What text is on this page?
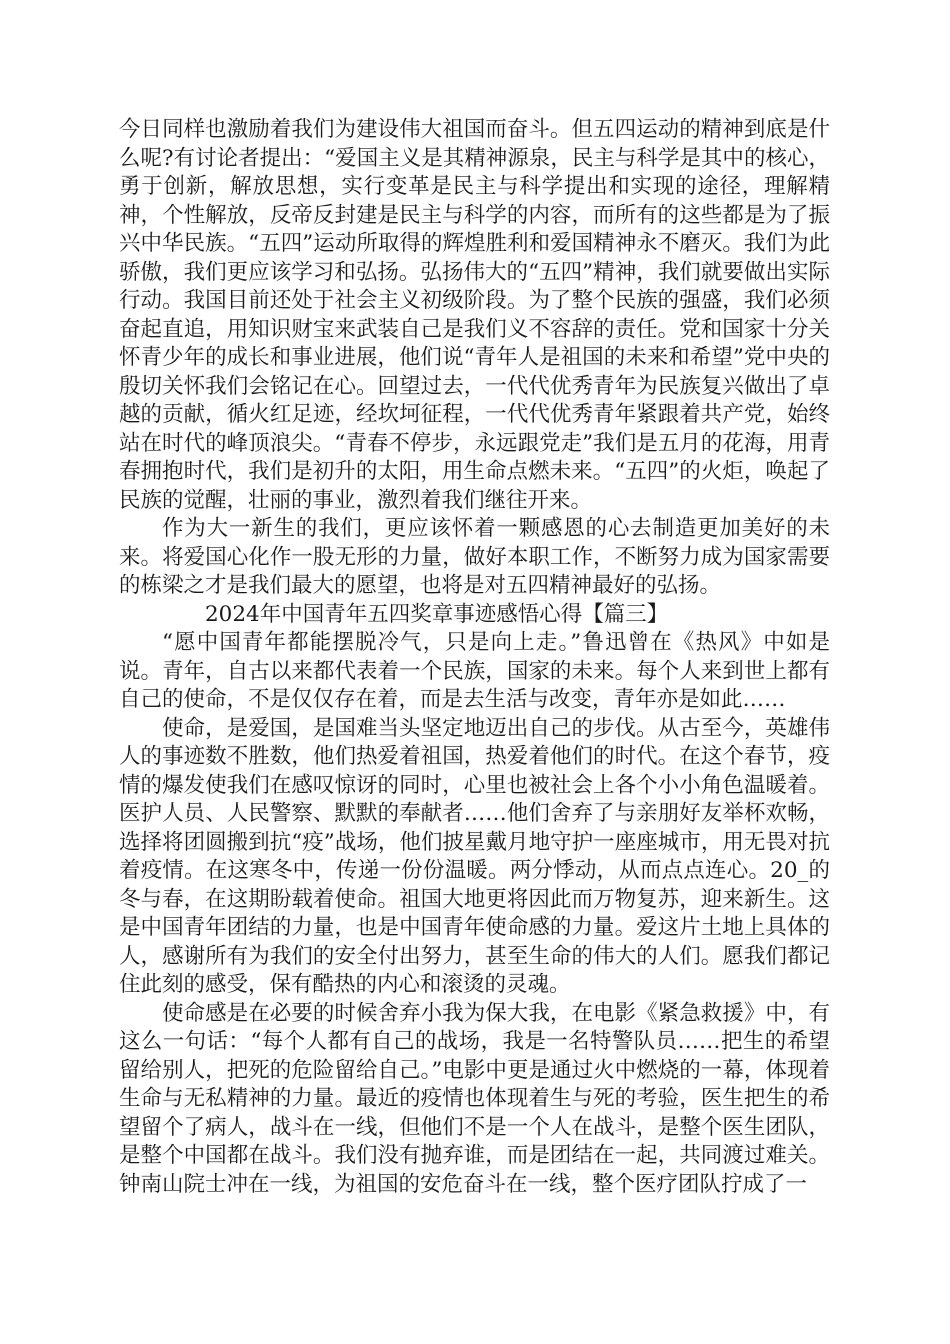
今日同样也激励着我们为建设伟大祖国而奋斗。但五四运动的精神到底是什么呢?有讨论者提出：“爱国主义是其精神源泉，民主与科学是其中的核心，勇于创新，解放思想，实行变革是民主与科学提出和实现的途径，理解精神，个性解放，反帝反封建是民主与科学的内容，而所有的这些都是为了振兴中华民族。“五四”运动所取得的辉煌胜利和爱国精神永不磨灭。我们为此骄傲，我们更应该学习和弘扬。弘扬伟大的“五四”精神，我们就要做出实际行动。我国目前还处于社会主义初级阶段。为了整个民族的强盛，我们必须奋起直追，用知识财宝来武装自己是我们义不容辞的责任。党和国家十分关怀青少年的成长和事业进展，他们说“青年人是祖国的未来和希望”党中央的殷切关怀我们会铭记在心。回望过去，一代代优秀青年为民族复兴做出了卓越的贡献，循火红足迹，经坎坷征程，一代代优秀青年紧跟着共产党，始终站在时代的峰顶浪尖。“青春不停步，永远跟党走”我们是五月的花海，用青春拥抱时代，我们是初升的太阳，用生命点燃未来。“五四”的火炬，唤起了民族的觉醒，壮丽的事业，激烈着我们继往开来。

作为大一新生的我们，更应该怀着一颗感恩的心去制造更加美好的未来。将爱国心化作一股无形的力量，做好本职工作，不断努力成为国家需要的栋梁之才是我们最大的愿望，也将是对五四精神最好的弘扬。

2024年中国青年五四奖章事迹感悟心得【篇三】

“愿中国青年都能摆脱冷气，只是向上走。”鲁迅曾在《热风》中如是说。青年，自古以来都代表着一个民族，国家的未来。每个人来到世上都有自己的使命，不是仅仅存在着，而是去生活与改变，青年亦是如此……

使命，是爱国，是国难当头坚定地迈出自己的步伐。从古至今，英雄伟人的事迹数不胜数，他们热爱着祖国，热爱着他们的时代。在这个春节，疫情的爆发使我们在感叹惊讶的同时，心里也被社会上各个小小角色温暖着。医护人员、人民警察、默默的奉献者……他们舍弃了与亲朋好友举杯欢畅，选择将团圆搬到抗“疫”战场，他们披星戴月地守护一座座城市，用无畏对抗着疫情。在这寒冬中，传递一份份温暖。两分悸动，从而点点连心。20_的冬与春，在这期盼载着使命。祖国大地更将因此而万物复苏，迎来新生。这是中国青年团结的力量，也是中国青年使命感的力量。爱这片土地上具体的人，感谢所有为我们的安全付出努力，甚至生命的伟大的人们。愿我们都记住此刻的感受，保有酷热的内心和滚烫的灵魂。

使命感是在必要的时候舍弃小我为保大我，在电影《紧急救援》中，有这么一句话：“每个人都有自己的战场，我是一名特警队员……把生的希望留给别人，把死的危险留给自己。”电影中更是通过火中燃烧的一幕，体现着生命与无私精神的力量。最近的疫情也体现着生与死的考验，医生把生的希望留个了病人，战斗在一线，但他们不是一个人在战斗，是整个医生团队，是整个中国都在战斗。我们没有抛弃谁，而是团结在一起，共同渡过难关。钟南山院士冲在一线，为祖国的安危奋斗在一线，整个医疗团队拧成了一
